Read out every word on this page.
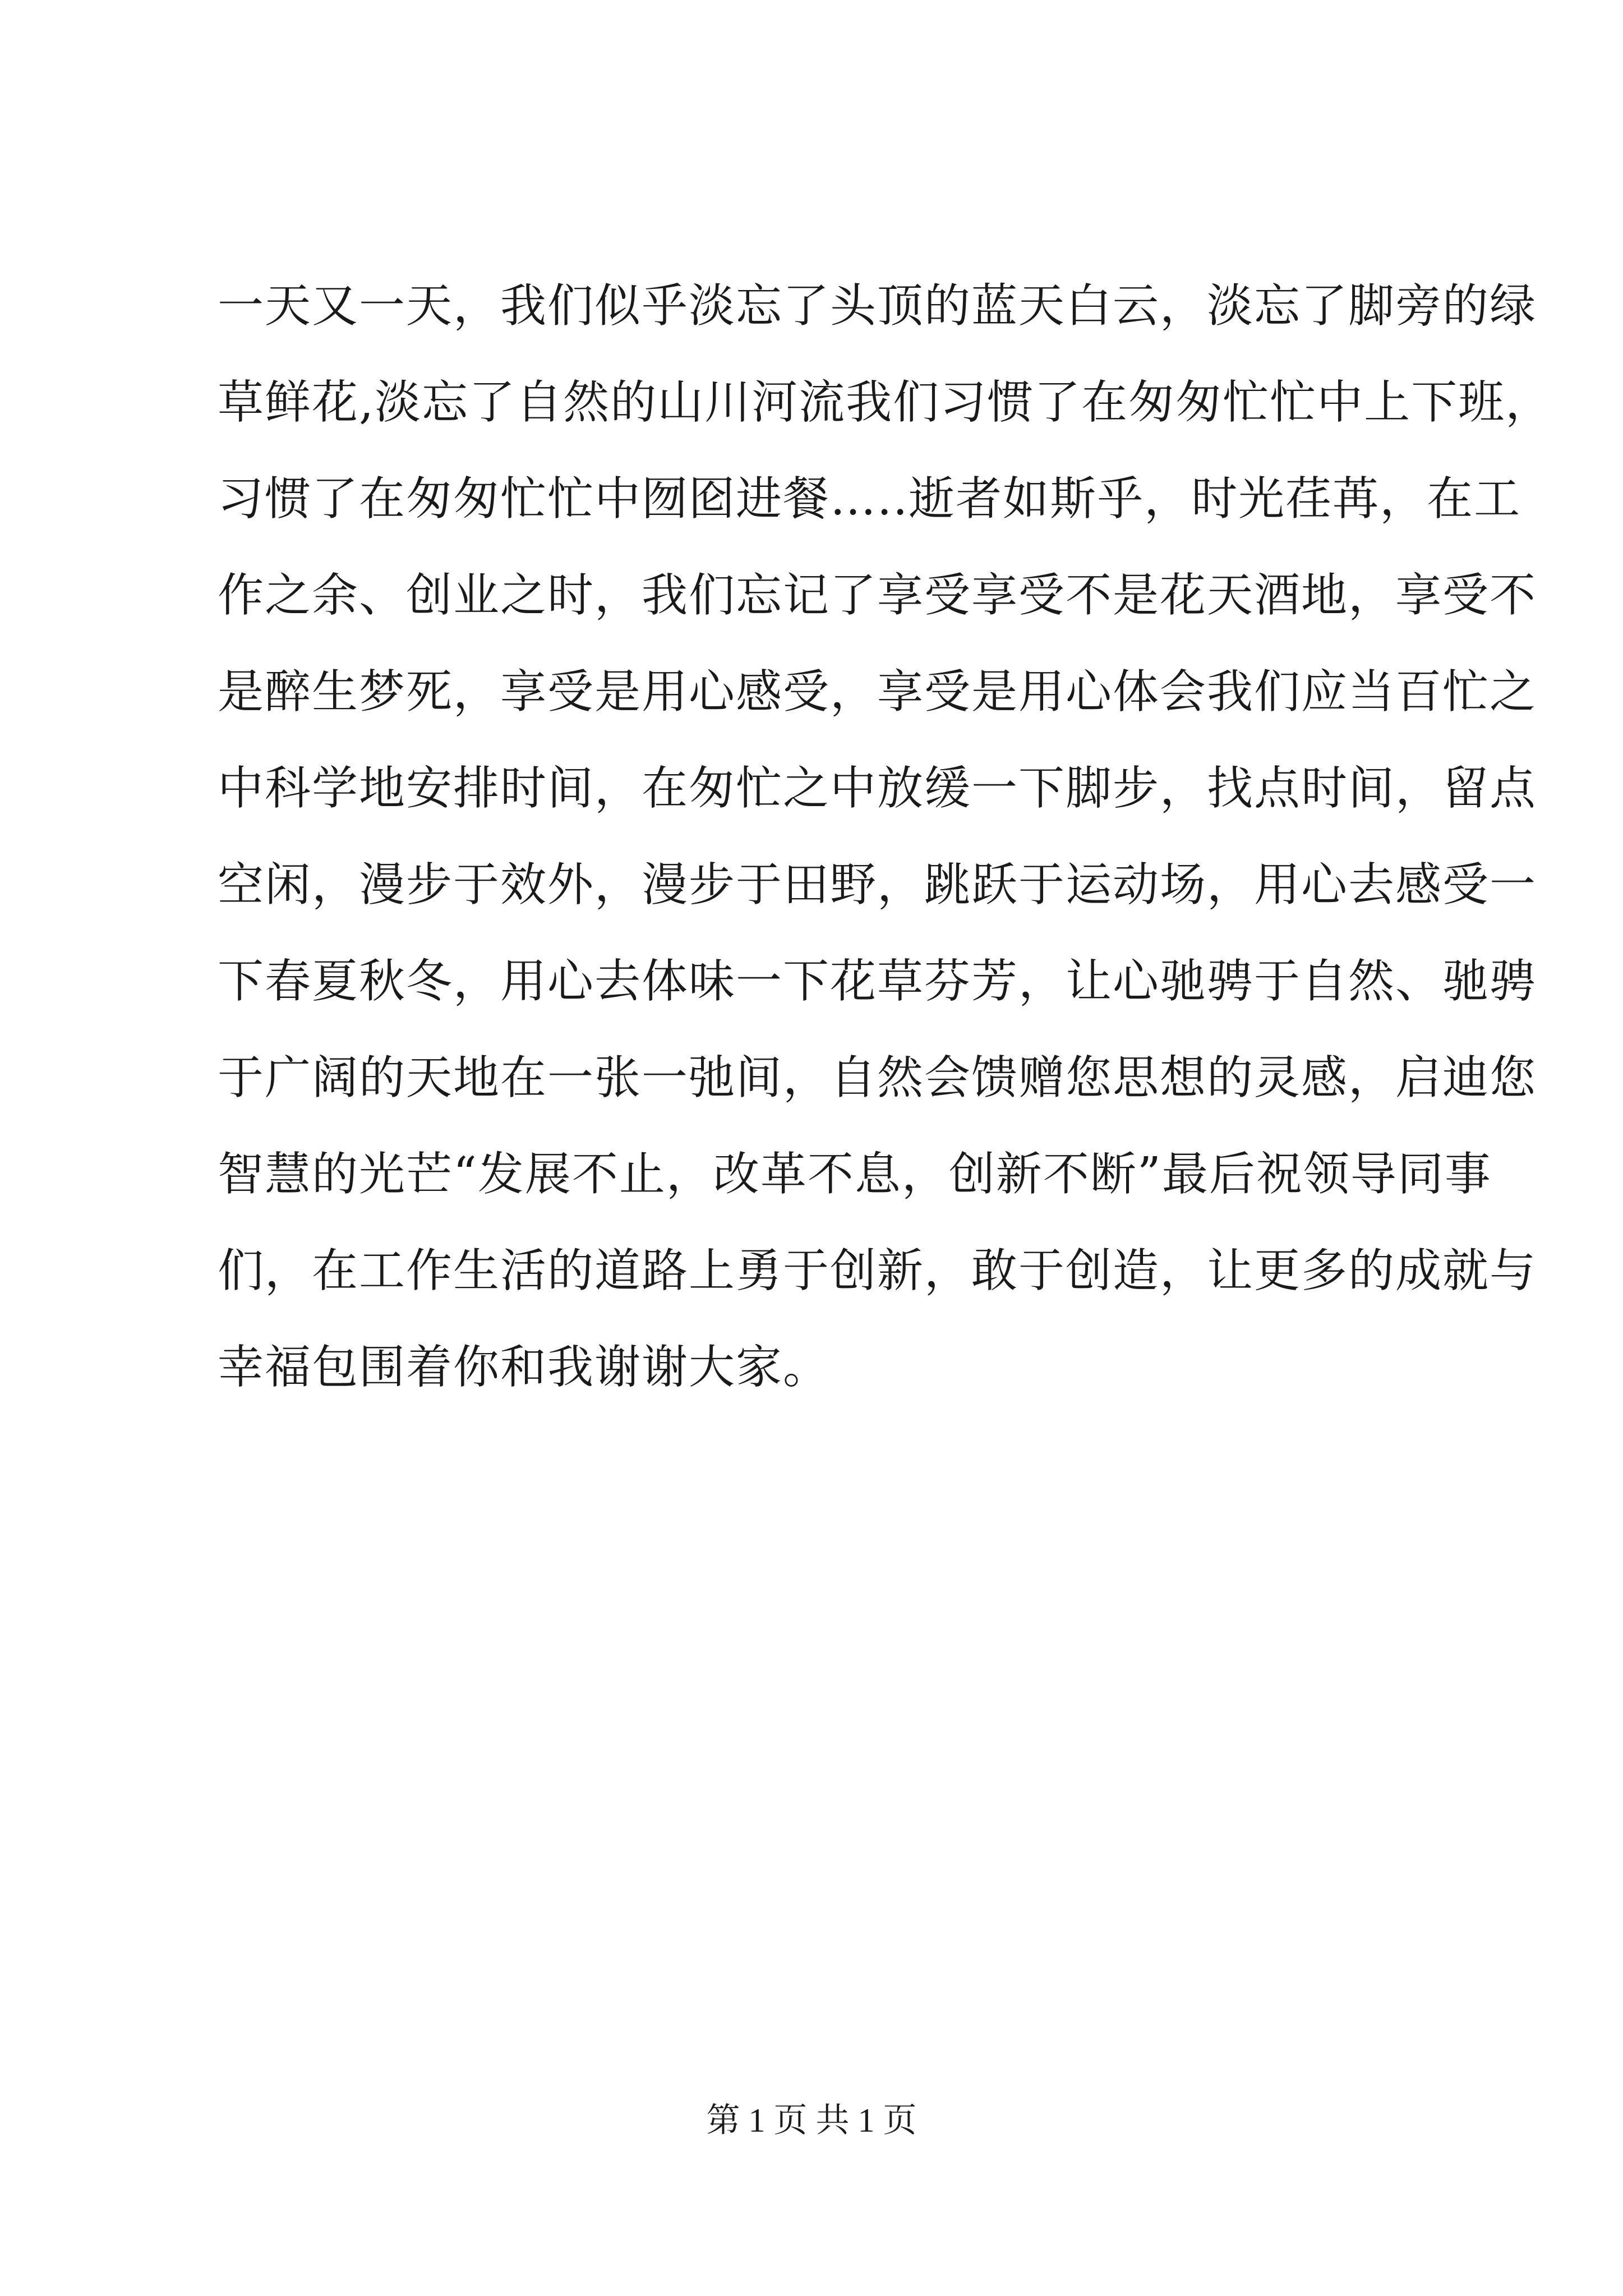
一天又一天，我们似乎淡忘了头顶的蓝天白云，淡忘了脚旁的绿
草鲜花,淡忘了自然的山川河流我们习惯了在匆匆忙忙中上下班，
习惯了在匆匆忙忙中囫囵进餐…..逝者如斯乎，时光荏苒，在工
作之余、创业之时，我们忘记了享受享受不是花天酒地，享受不
是醉生梦死，享受是用心感受，享受是用心体会我们应当百忙之
中科学地安排时间，在匆忙之中放缓一下脚步，找点时间，留点
空闲，漫步于效外，漫步于田野，跳跃于运动场，用心去感受一
下春夏秋冬，用心去体味一下花草芬芳，让心驰骋于自然、驰骋
于广阔的天地在一张一弛间，自然会馈赠您思想的灵感，启迪您
智慧的光芒“发展不止，改革不息，创新不断”最后祝领导同事
们，在工作生活的道路上勇于创新，敢于创造，让更多的成就与
幸福包围着你和我谢谢大家。
第 1 页 共 1 页
